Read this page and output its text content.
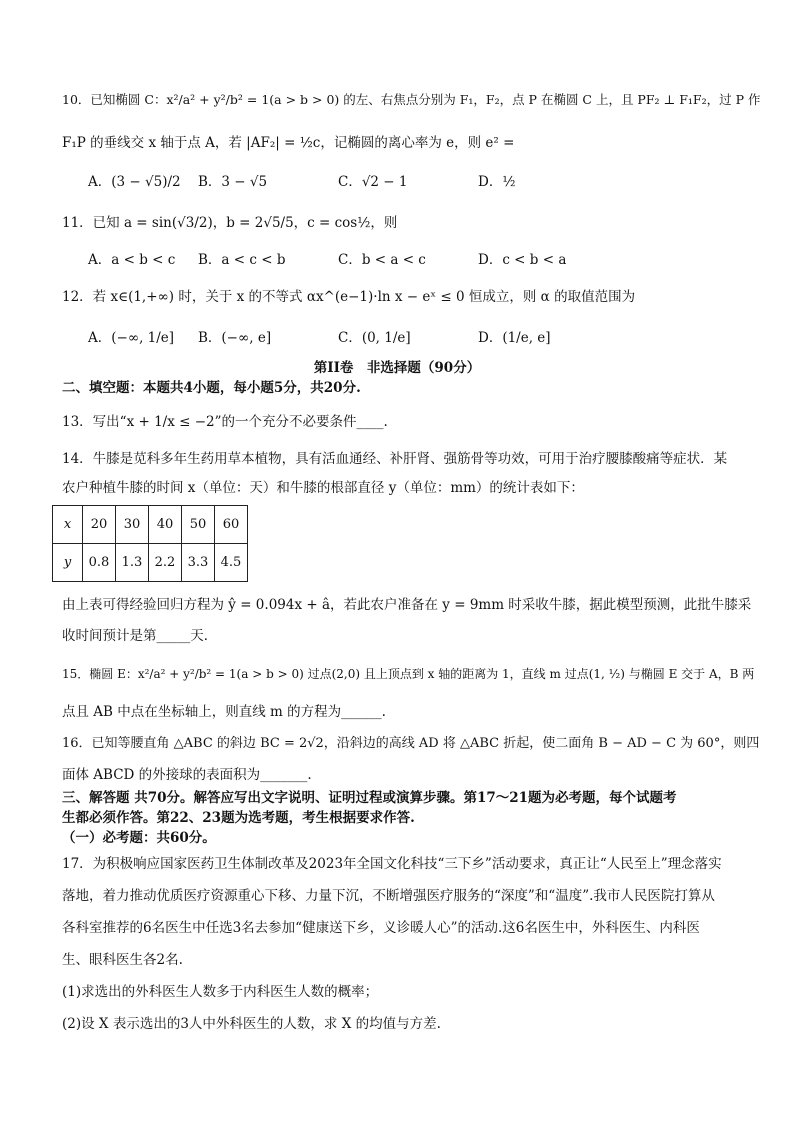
10．已知椭圆 C：x²/a² + y²/b² = 1(a > b > 0) 的左、右焦点分别为 F₁，F₂，点 P 在椭圆 C 上，且 PF₂ ⊥ F₁F₂，过 P 作
F₁P 的垂线交 x 轴于点 A，若 |AF₂| = ½c，记椭圆的离心率为 e，则 e² =
A．(3 − √5)/2 B．3 − √5	C．√2 − 1	D．½
11．已知 a = sin(√3/2)，b = 2√5/5，c = cos½，则
A．a < b < c B．a < c < b	C．b < a < c	D．c < b < a
12．若 x∈(1,+∞) 时，关于 x 的不等式 αx^(e−1)·ln x − eˣ ≤ 0 恒成立，则 α 的取值范围为
A．(−∞, 1/e] B．(−∞, e]	C．(0, 1/e]	D．(1/e, e]
第II卷　非选择题（90分）
二、填空题：本题共4小题，每小题5分，共20分.
13．写出“x + 1/x ≤ −2”的一个充分不必要条件____.
14．牛膝是苋科多年生药用草本植物，具有活血通经、补肝肾、强筋骨等功效，可用于治疗腰膝酸痛等症状．某
农户种植牛膝的时间 x（单位：天）和牛膝的根部直径 y（单位：mm）的统计表如下：
x	20	30	40	50	60
y	0.8	1.3	2.2	3.3	4.5
由上表可得经验回归方程为 ŷ = 0.094x + â，若此农户准备在 y = 9mm 时采收牛膝，据此模型预测，此批牛膝采
收时间预计是第_____天．
15．椭圆 E：x²/a² + y²/b² = 1(a > b > 0) 过点(2,0) 且上顶点到 x 轴的距离为 1，直线 m 过点(1, ½) 与椭圆 E 交于 A，B 两
点且 AB 中点在坐标轴上，则直线 m 的方程为______.
16．已知等腰直角 △ABC 的斜边 BC = 2√2，沿斜边的高线 AD 将 △ABC 折起，使二面角 B − AD − C 为 60°，则四
面体 ABCD 的外接球的表面积为_______.
三、解答题 共70分。解答应写出文字说明、证明过程或演算步骤。第17～21题为必考题，每个试题考
生都必须作答。第22、23题为选考题，考生根据要求作答.
（一）必考题：共60分。
17．为积极响应国家医药卫生体制改革及2023年全国文化科技“三下乡”活动要求，真正让“人民至上”理念落实
落地，着力推动优质医疗资源重心下移、力量下沉，不断增强医疗服务的“深度”和“温度”.我市人民医院打算从
各科室推荐的6名医生中任选3名去参加“健康送下乡，义诊暖人心”的活动.这6名医生中，外科医生、内科医
生、眼科医生各2名.
(1)求选出的外科医生人数多于内科医生人数的概率；
(2)设 X 表示选出的3人中外科医生的人数，求 X 的均值与方差.
